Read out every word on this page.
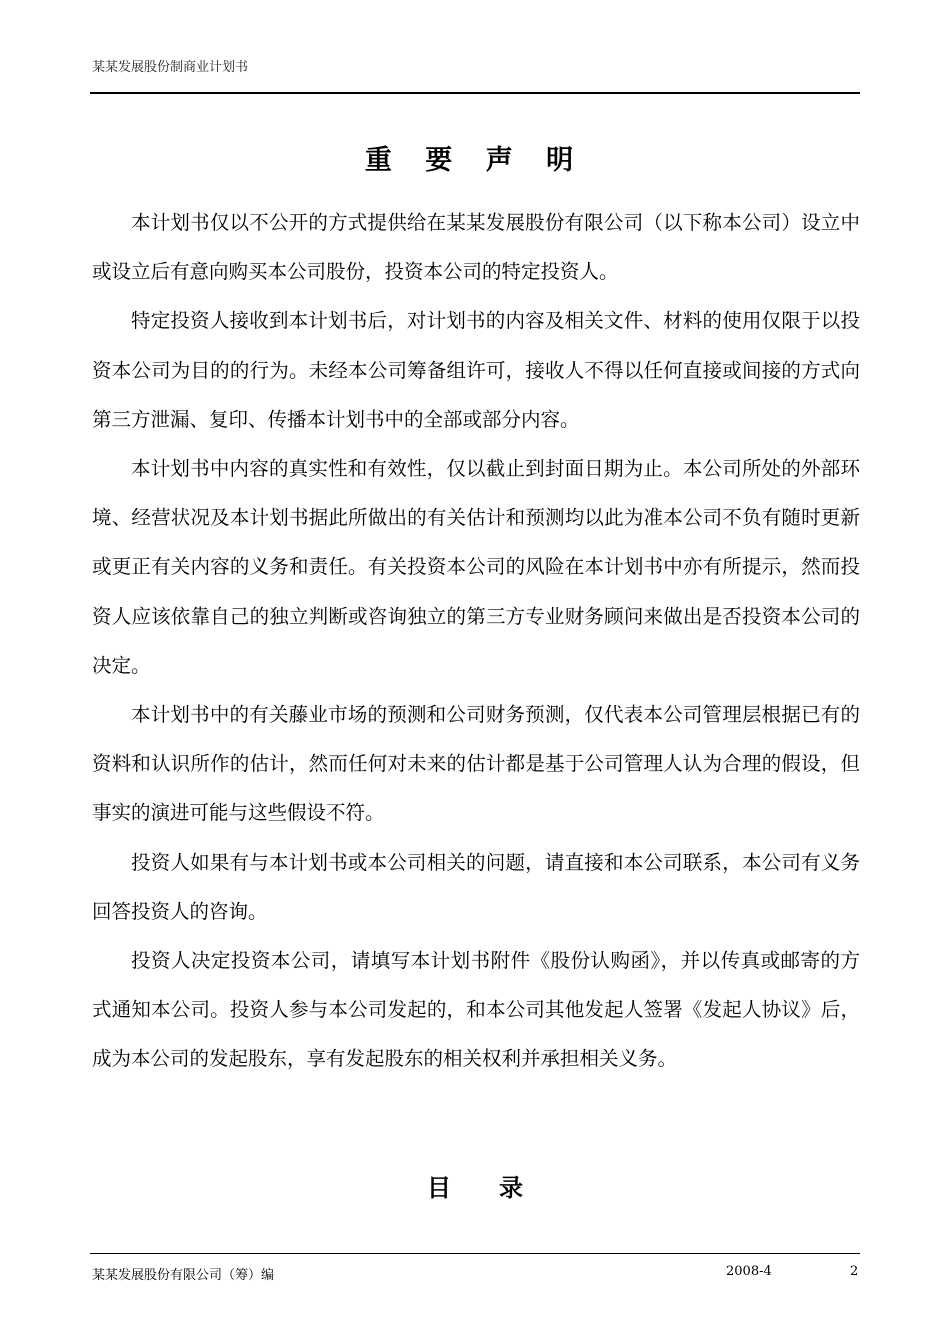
某某发展股份制商业计划书
重 要 声 明

本计划书仅以不公开的方式提供给在某某发展股份有限公司（以下称本公司）设立中或设立后有意向购买本公司股份，投资本公司的特定投资人。

特定投资人接收到本计划书后，对计划书的内容及相关文件、材料的使用仅限于以投资本公司为目的的行为。未经本公司筹备组许可，接收人不得以任何直接或间接的方式向第三方泄漏、复印、传播本计划书中的全部或部分内容。

本计划书中内容的真实性和有效性，仅以截止到封面日期为止。本公司所处的外部环境、经营状况及本计划书据此所做出的有关估计和预测均以此为准本公司不负有随时更新或更正有关内容的义务和责任。有关投资本公司的风险在本计划书中亦有所提示，然而投资人应该依靠自己的独立判断或咨询独立的第三方专业财务顾问来做出是否投资本公司的决定。

本计划书中的有关藤业市场的预测和公司财务预测，仅代表本公司管理层根据已有的资料和认识所作的估计，然而任何对未来的估计都是基于公司管理人认为合理的假设，但事实的演进可能与这些假设不符。

投资人如果有与本计划书或本公司相关的问题，请直接和本公司联系，本公司有义务回答投资人的咨询。

投资人决定投资本公司，请填写本计划书附件《股份认购函》，并以传真或邮寄的方式通知本公司。投资人参与本公司发起的，和本公司其他发起人签署《发起人协议》后，成为本公司的发起股东，享有发起股东的相关权利并承担相关义务。

目录
某某发展股份有限公司（筹）编	2008-4	2
